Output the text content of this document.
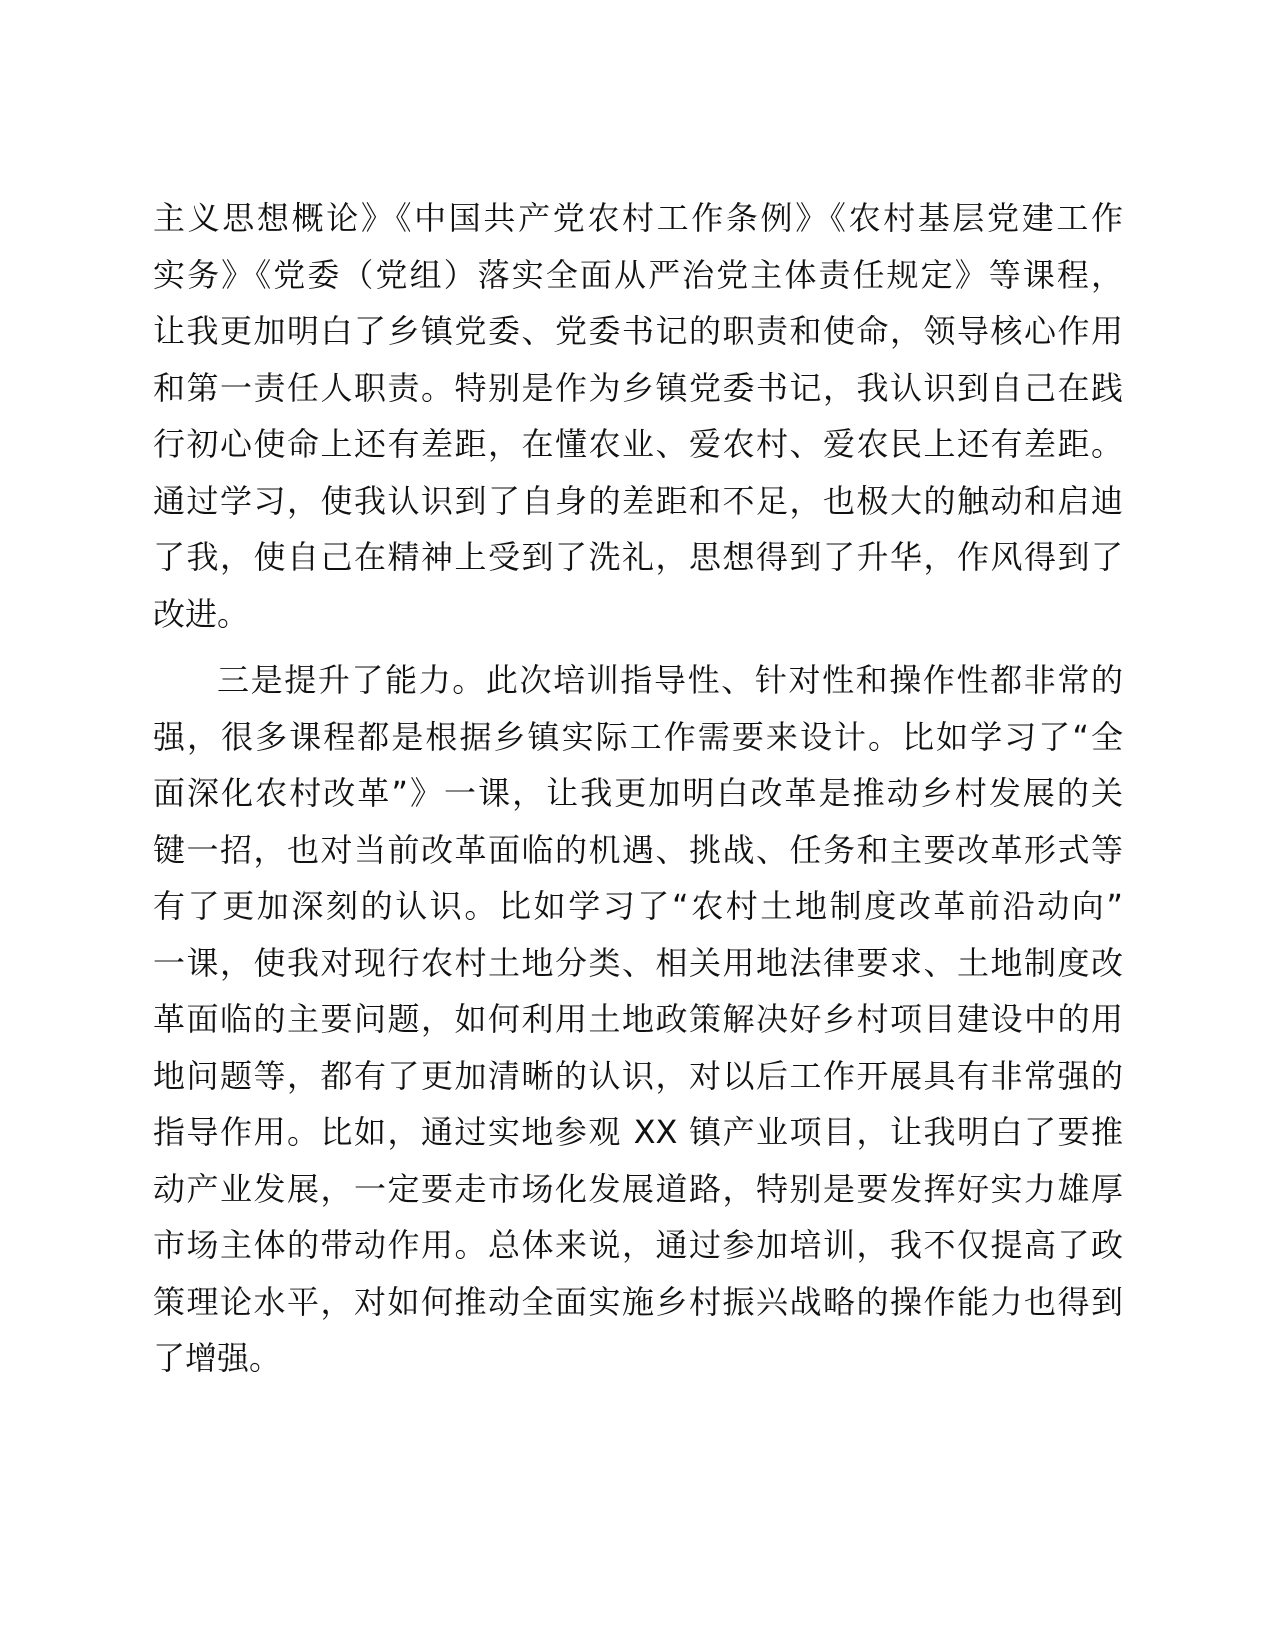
主义思想概论》《中国共产党农村工作条例》《农村基层党建工作
实务》《党委（党组）落实全面从严治党主体责任规定》等课程，
让我更加明白了乡镇党委、党委书记的职责和使命，领导核心作用
和第一责任人职责。特别是作为乡镇党委书记，我认识到自己在践
行初心使命上还有差距，在懂农业、爱农村、爱农民上还有差距。
通过学习，使我认识到了自身的差距和不足，也极大的触动和启迪
了我，使自己在精神上受到了洗礼，思想得到了升华，作风得到了
改进。
三是提升了能力。此次培训指导性、针对性和操作性都非常的
强，很多课程都是根据乡镇实际工作需要来设计。比如学习了“全
面深化农村改革”》一课，让我更加明白改革是推动乡村发展的关
键一招，也对当前改革面临的机遇、挑战、任务和主要改革形式等
有了更加深刻的认识。比如学习了“农村土地制度改革前沿动向”
一课，使我对现行农村土地分类、相关用地法律要求、土地制度改
革面临的主要问题，如何利用土地政策解决好乡村项目建设中的用
地问题等，都有了更加清晰的认识，对以后工作开展具有非常强的
指导作用。比如，通过实地参观 XX 镇产业项目，让我明白了要推
动产业发展，一定要走市场化发展道路，特别是要发挥好实力雄厚
市场主体的带动作用。总体来说，通过参加培训，我不仅提高了政
策理论水平，对如何推动全面实施乡村振兴战略的操作能力也得到
了增强。
